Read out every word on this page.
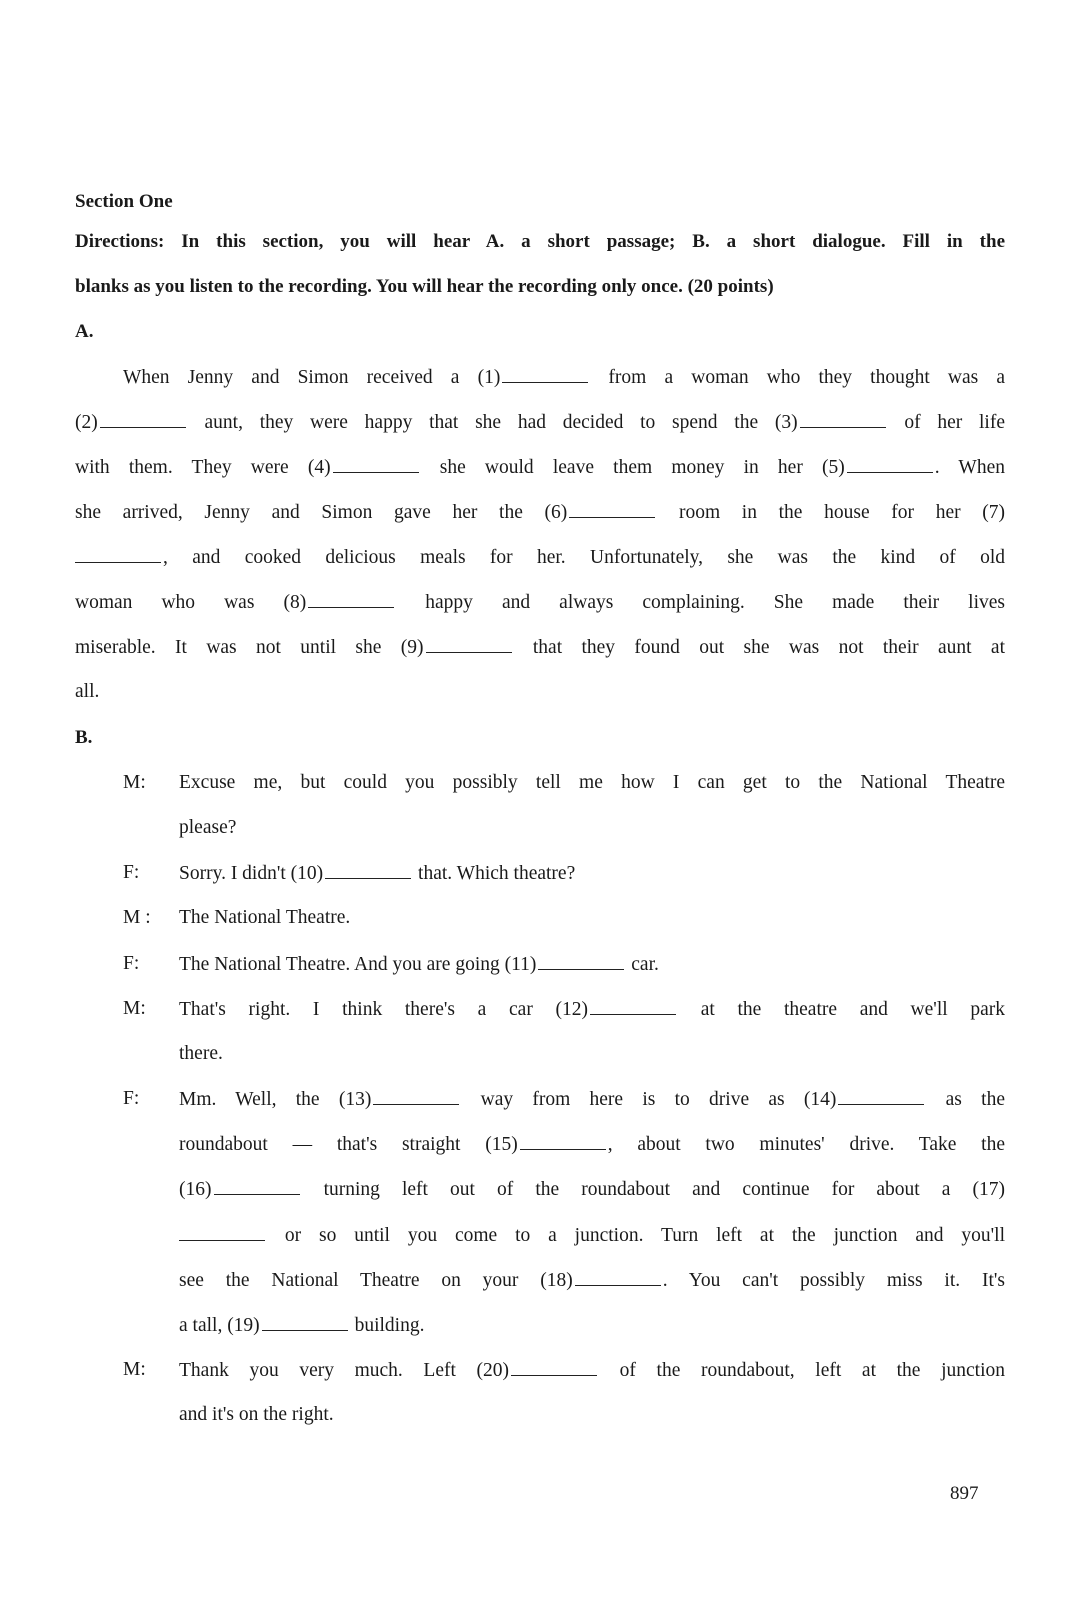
Section One
Directions: In this section, you will hear A. a short passage; B. a short dialogue. Fill in the
blanks as you listen to the recording. You will hear the recording only once. (20 points)
A.
When Jenny and Simon received a (1)	from a woman who they thought was a
(2)	aunt, they were happy that she had decided to spend the (3)	of her life
with them. They were (4)	she would leave them money in her (5)	. When
she arrived, Jenny and Simon gave her the (6)	room in the house for her (7)
, and cooked delicious meals for her. Unfortunately, she was the kind of old
woman who was (8)	happy and always complaining. She made their lives
miserable. It was not until she (9)	that they found out she was not their aunt at
all.
B.
M: Excuse me, but could you possibly tell me how I can get to the National Theatre
please?
F: Sorry. I didn't (10)	that. Which theatre?
M : The National Theatre.
F: The National Theatre. And you are going (11)	car.
M: That's right. I think there's a car (12)	at the theatre and we'll park
there.
F: Mm. Well, the (13)	way from here is to drive as (14)	as the
roundabout — that's straight (15)	, about two minutes' drive. Take the
(16)	turning left out of the roundabout and continue for about a (17)
or so until you come to a junction. Turn left at the junction and you'll
see the National Theatre on your (18)	. You can't possibly miss it. It's
a tall, (19)	building.
M: Thank you very much. Left (20)	of the roundabout, left at the junction
and it's on the right.
897
